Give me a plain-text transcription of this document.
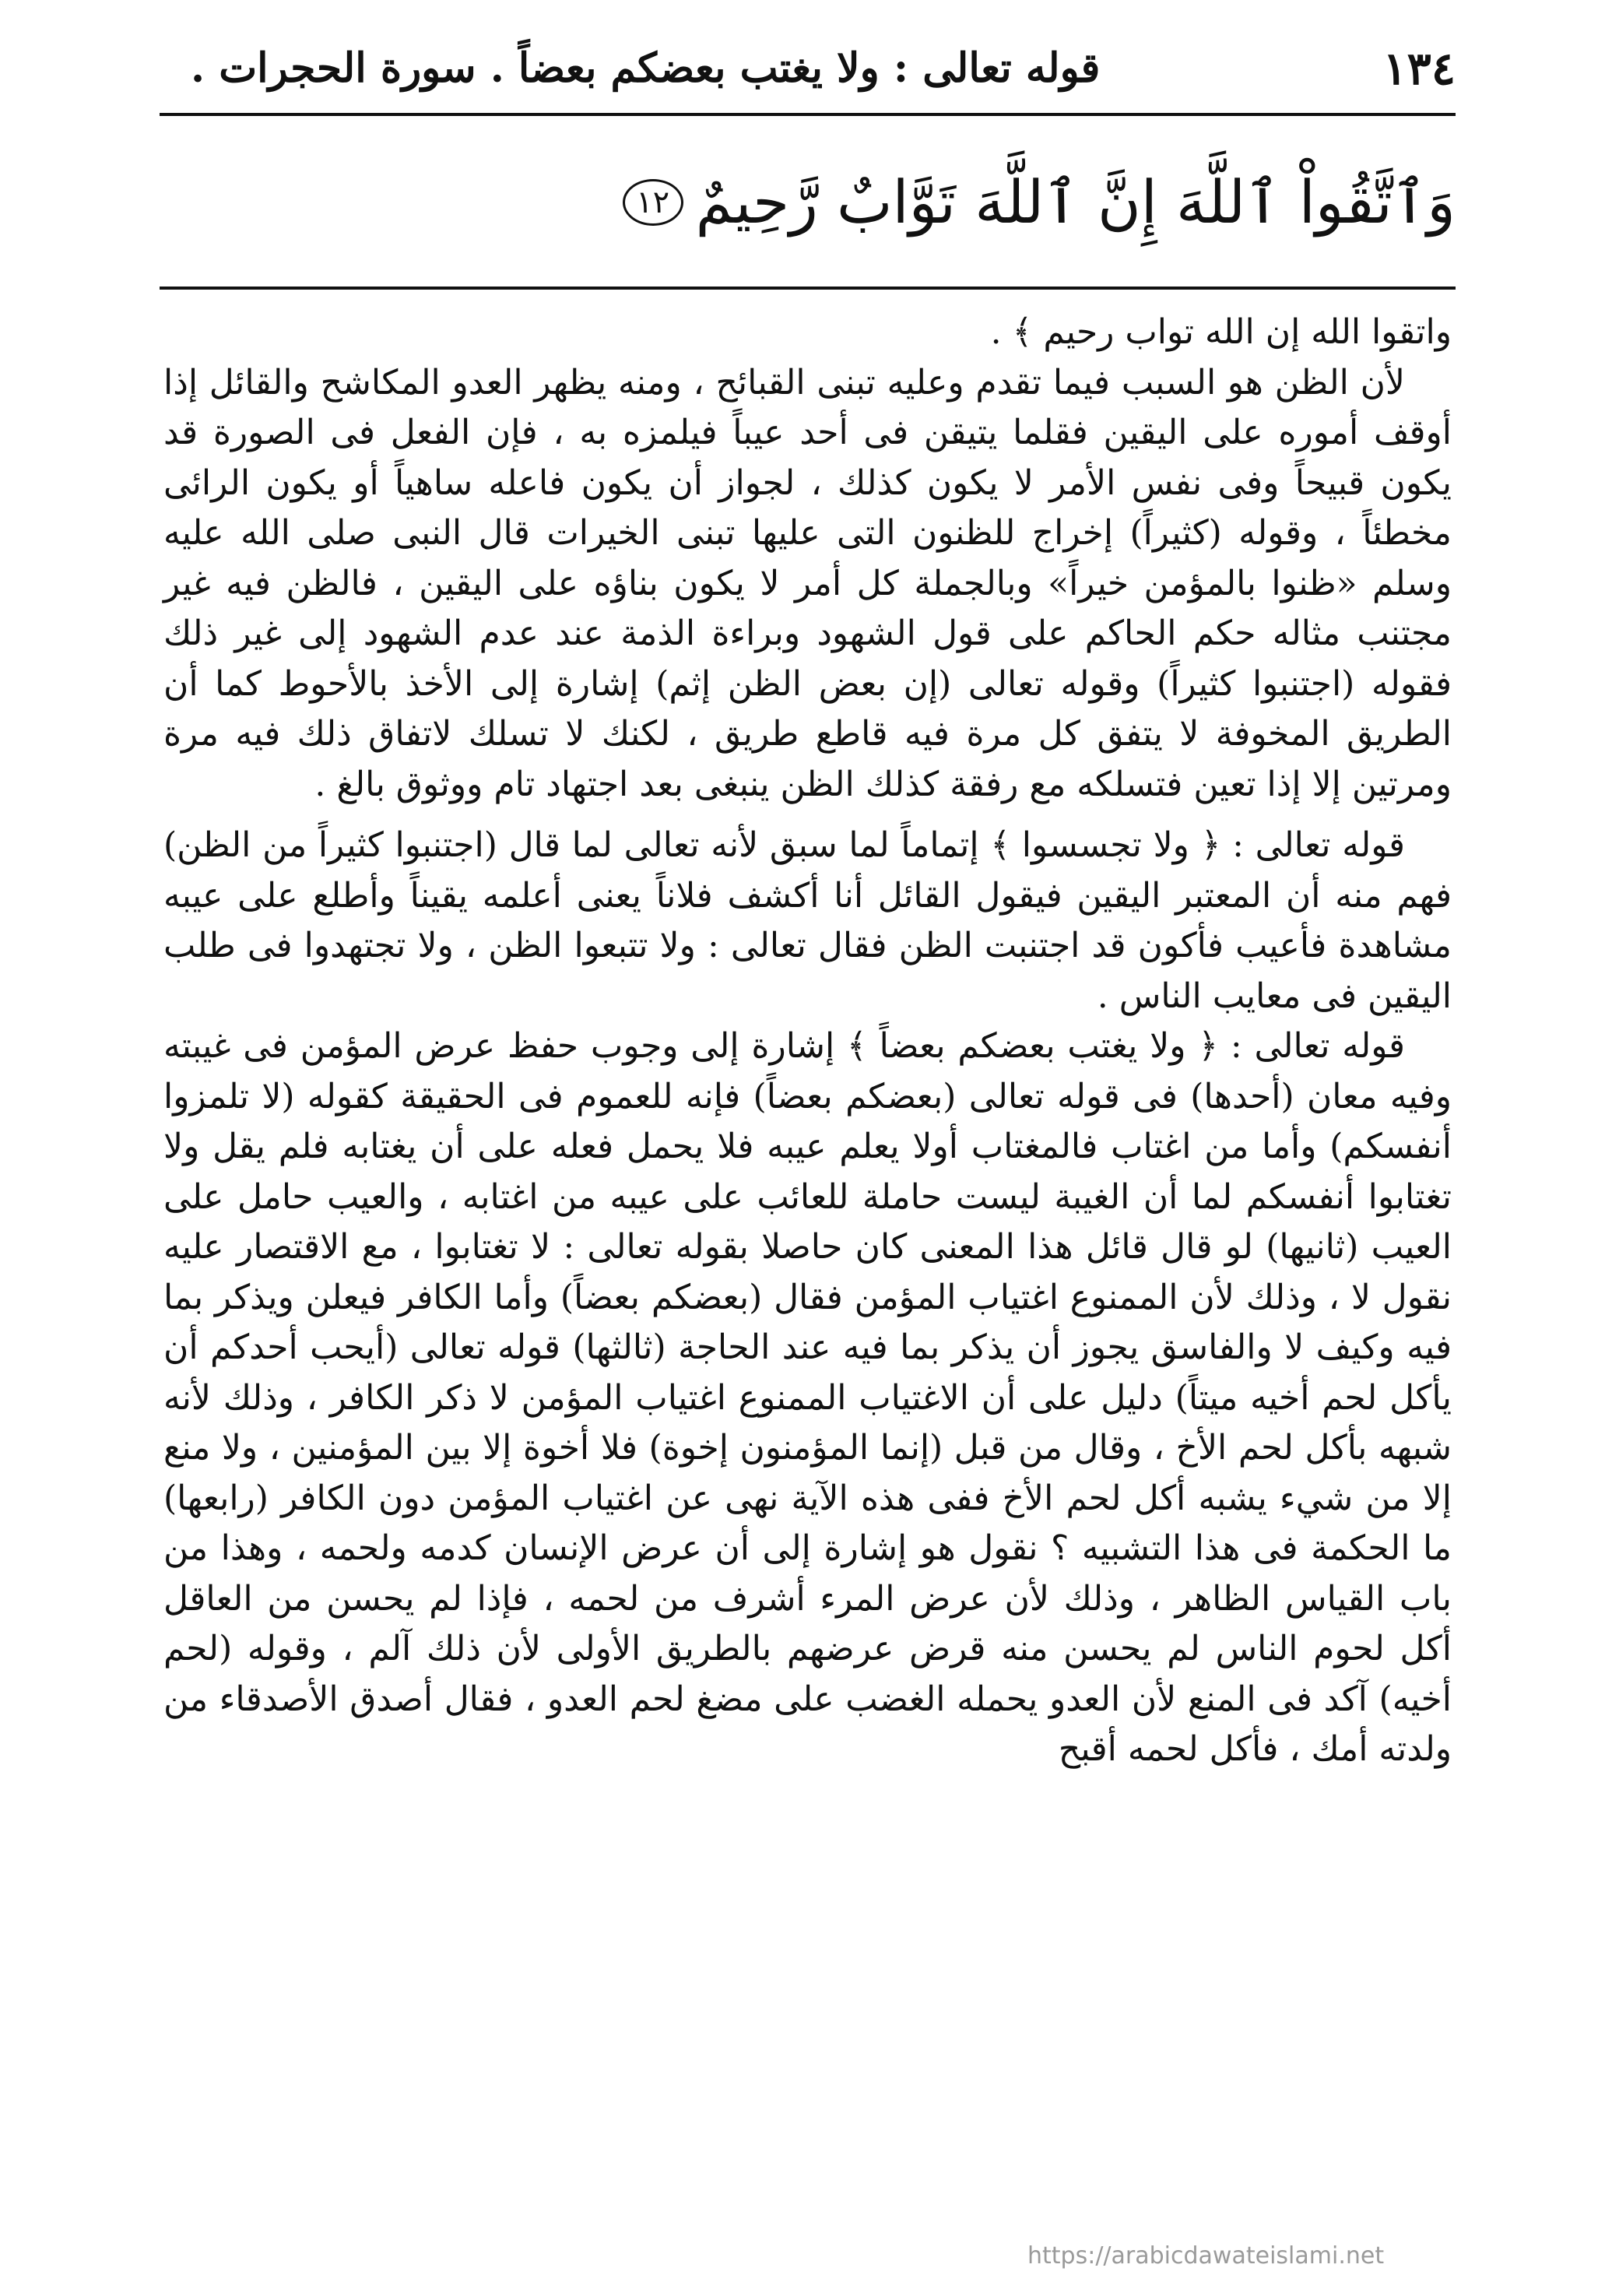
١٣٤
قوله تعالى : ولا يغتب بعضكم بعضاً . سورة الحجرات .
وَٱتَّقُواْ ٱللَّهَ إِنَّ ٱللَّهَ تَوَّابٌ رَّحِيمٌ
١٢

واتقوا الله إن الله تواب رحيم ﴾ .

لأن الظن هو السبب فيما تقدم وعليه تبنى القبائح ، ومنه يظهر العدو المكاشح والقائل إذا أوقف أموره على اليقين فقلما يتيقن فى أحد عيباً فيلمزه به ، فإن الفعل فى الصورة قد يكون قبيحاً وفى نفس الأمر لا يكون كذلك ، لجواز أن يكون فاعله ساهياً أو يكون الرائى مخطئاً ، وقوله (كثيراً) إخراج للظنون التى عليها تبنى الخيرات قال النبى صلى الله عليه وسلم «ظنوا بالمؤمن خيراً» وبالجملة كل أمر لا يكون بناؤه على اليقين ، فالظن فيه غير مجتنب مثاله حكم الحاكم على قول الشهود وبراءة الذمة عند عدم الشهود إلى غير ذلك فقوله (اجتنبوا كثيراً) وقوله تعالى (إن بعض الظن إثم) إشارة إلى الأخذ بالأحوط كما أن الطريق المخوفة لا يتفق كل مرة فيه قاطع طريق ، لكنك لا تسلك لاتفاق ذلك فيه مرة ومرتين إلا إذا تعين فتسلكه مع رفقة كذلك الظن ينبغى بعد اجتهاد تام ووثوق بالغ .

قوله تعالى : ﴿ ولا تجسسوا ﴾ إتماماً لما سبق لأنه تعالى لما قال (اجتنبوا كثيراً من الظن) فهم منه أن المعتبر اليقين فيقول القائل أنا أكشف فلاناً يعنى أعلمه يقيناً وأطلع على عيبه مشاهدة فأعيب فأكون قد اجتنبت الظن فقال تعالى : ولا تتبعوا الظن ، ولا تجتهدوا فى طلب اليقين فى معايب الناس .

قوله تعالى : ﴿ ولا يغتب بعضكم بعضاً ﴾ إشارة إلى وجوب حفظ عرض المؤمن فى غيبته وفيه معان (أحدها) فى قوله تعالى (بعضكم بعضاً) فإنه للعموم فى الحقيقة كقوله (لا تلمزوا أنفسكم) وأما من اغتاب فالمغتاب أولا يعلم عيبه فلا يحمل فعله على أن يغتابه فلم يقل ولا تغتابوا أنفسكم لما أن الغيبة ليست حاملة للعائب على عيبه من اغتابه ، والعيب حامل على العيب (ثانيها) لو قال قائل هذا المعنى كان حاصلا بقوله تعالى : لا تغتابوا ، مع الاقتصار عليه نقول لا ، وذلك لأن الممنوع اغتياب المؤمن فقال (بعضكم بعضاً) وأما الكافر فيعلن ويذكر بما فيه وكيف لا والفاسق يجوز أن يذكر بما فيه عند الحاجة (ثالثها) قوله تعالى (أيحب أحدكم أن يأكل لحم أخيه ميتاً) دليل على أن الاغتياب الممنوع اغتياب المؤمن لا ذكر الكافر ، وذلك لأنه شبهه بأكل لحم الأخ ، وقال من قبل (إنما المؤمنون إخوة) فلا أخوة إلا بين المؤمنين ، ولا منع إلا من شيء يشبه أكل لحم الأخ ففى هذه الآية نهى عن اغتياب المؤمن دون الكافر (رابعها) ما الحكمة فى هذا التشبيه ؟ نقول هو إشارة إلى أن عرض الإنسان كدمه ولحمه ، وهذا من باب القياس الظاهر ، وذلك لأن عرض المرء أشرف من لحمه ، فإذا لم يحسن من العاقل أكل لحوم الناس لم يحسن منه قرض عرضهم بالطريق الأولى لأن ذلك آلم ، وقوله (لحم أخيه) آكد فى المنع لأن العدو يحمله الغضب على مضغ لحم العدو ، فقال أصدق الأصدقاء من ولدته أمك ، فأكل لحمه أقبح

https://arabicdawateislami.net
